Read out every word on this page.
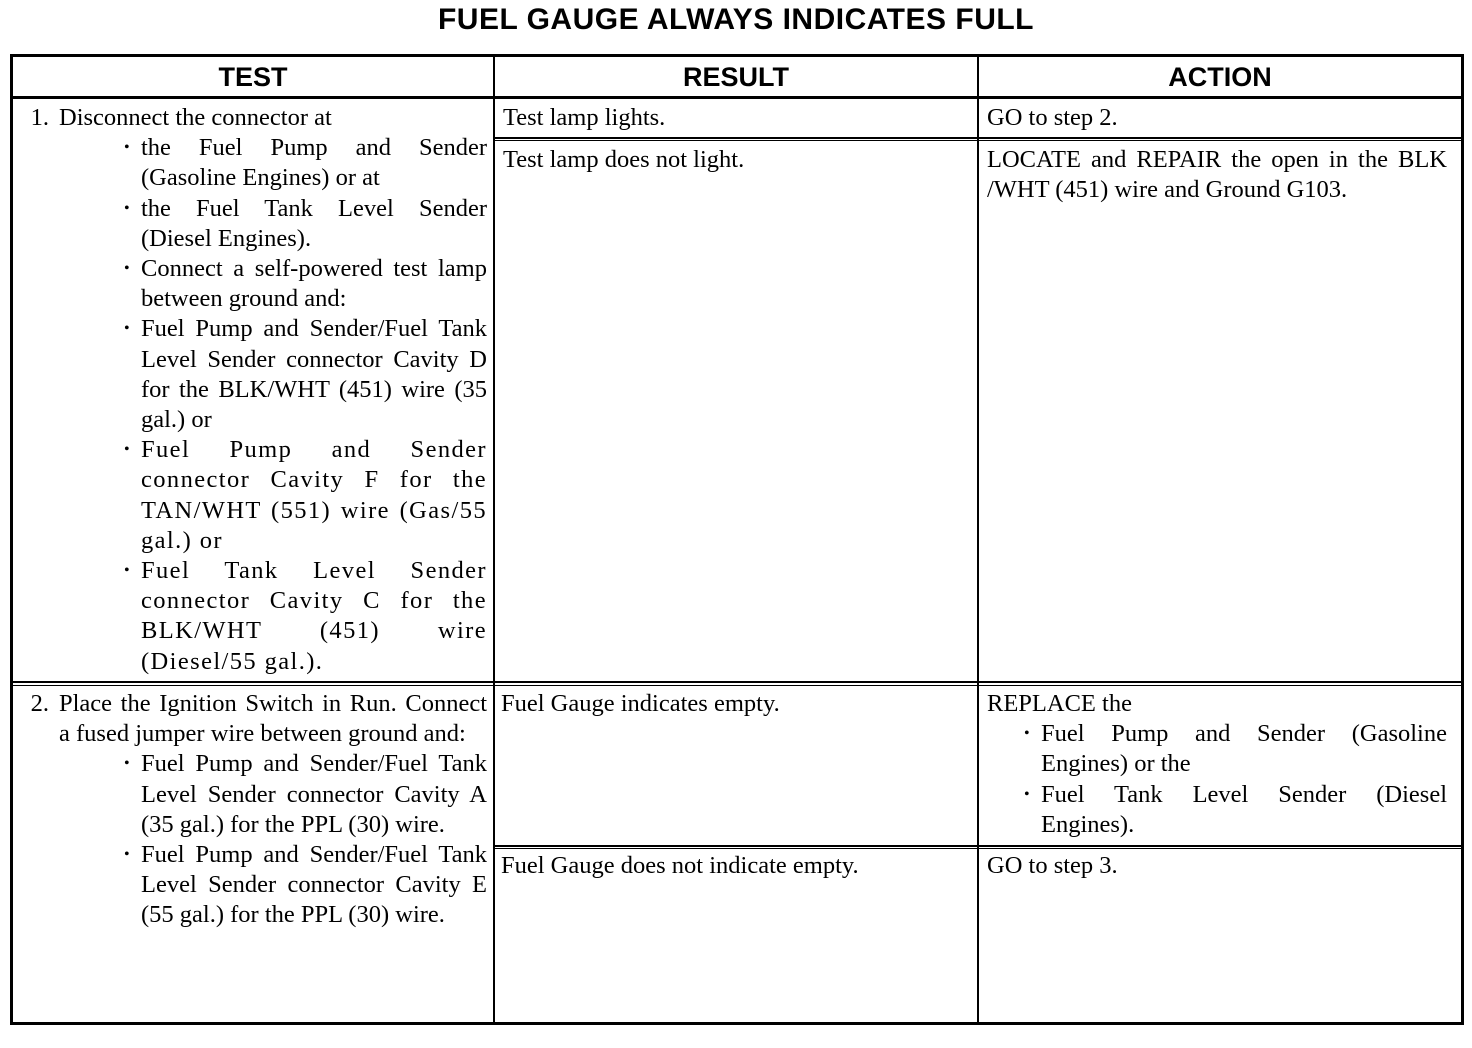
FUEL GAUGE ALWAYS INDICATES FULL
TEST	RESULT	ACTION
1. Disconnect the connector at
• the Fuel Pump and Sender (Gasoline Engines) or at
• the Fuel Tank Level Sender (Diesel Engines).
• Connect a self-powered test lamp between ground and:
• Fuel Pump and Sender/Fuel Tank Level Sender connector Cavity D for the BLK/WHT (451) wire (35 gal.) or
• Fuel Pump and Sender connector Cavity F for the TAN/WHT (551) wire (Gas/55 gal.) or
• Fuel Tank Level Sender connector Cavity C for the BLK/WHT (451) wire (Diesel/55 gal.).
Test lamp lights.
Test lamp does not light.
GO to step 2.
LOCATE and REPAIR the open in the BLK /WHT (451) wire and Ground G103.
2. Place the Ignition Switch in Run. Connect a fused jumper wire between ground and:
• Fuel Pump and Sender/Fuel Tank Level Sender connector Cavity A (35 gal.) for the PPL (30) wire.
• Fuel Pump and Sender/Fuel Tank Level Sender connector Cavity E (55 gal.) for the PPL (30) wire.
Fuel Gauge indicates empty.
Fuel Gauge does not indicate empty.
REPLACE the
• Fuel Pump and Sender (Gasoline Engines) or the
• Fuel Tank Level Sender (Diesel Engines).
GO to step 3.
